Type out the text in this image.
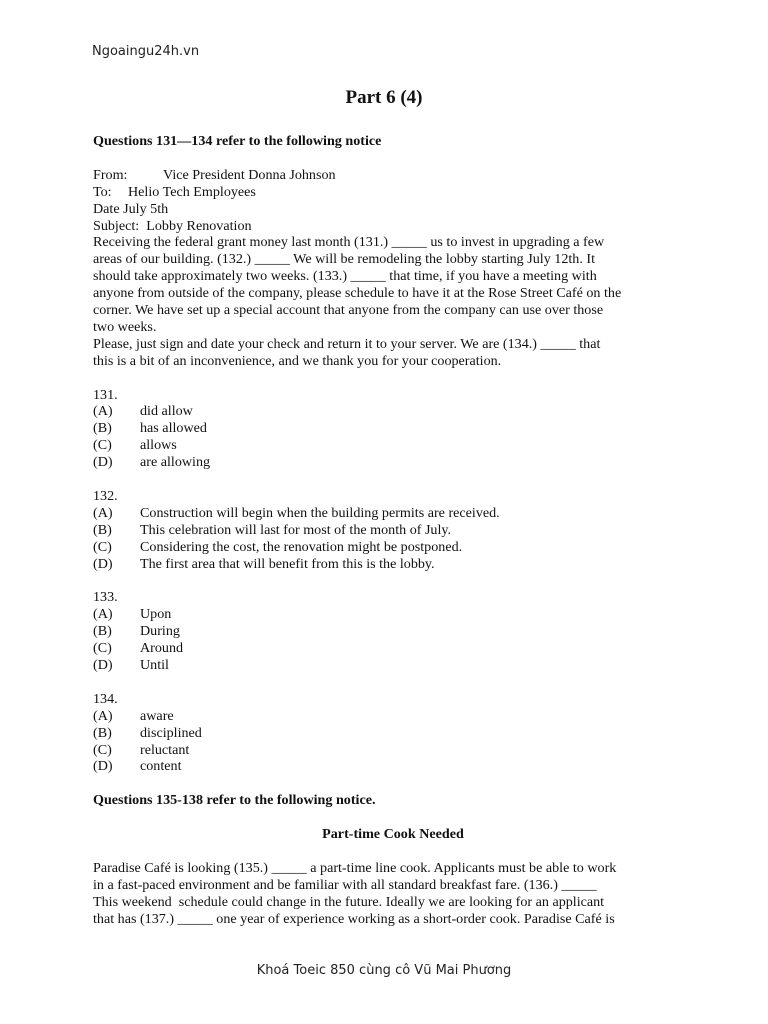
Ngoaingu24h.vn
Part 6 (4)

Questions 131—134 refer to the following notice

From:	Vice President Donna Johnson
To:	Helio Tech Employees

Date July 5th

Subject:  Lobby Renovation

Receiving the federal grant money last month (131.) _____ us to invest in upgrading a few

areas of our building. (132.) _____ We will be remodeling the lobby starting July 12th. It

should take approximately two weeks. (133.) _____ that time, if you have a meeting with

anyone from outside of the company, please schedule to have it at the Rose Street Café on the

corner. We have set up a special account that anyone from the company can use over those

two weeks.

Please, just sign and date your check and return it to your server. We are (134.) _____ that

this is a bit of an inconvenience, and we thank you for your cooperation.

131.

(A)	did allow
(B)	has allowed
(C)	allows
(D)	are allowing

132.

(A)	Construction will begin when the building permits are received.
(B)	This celebration will last for most of the month of July.
(C)	Considering the cost, the renovation might be postponed.
(D)	The first area that will benefit from this is the lobby.

133.

(A)	Upon
(B)	During
(C)	Around
(D)	Until

134.

(A)	aware
(B)	disciplined
(C)	reluctant
(D)	content

Questions 135-138 refer to the following notice.

Part-time Cook Needed

Paradise Café is looking (135.) _____ a part-time line cook. Applicants must be able to work

in a fast-paced environment and be familiar with all standard breakfast fare. (136.) _____

This weekend  schedule could change in the future. Ideally we are looking for an applicant

that has (137.) _____ one year of experience working as a short-order cook. Paradise Café is

Khoá Toeic 850 cùng cô Vũ Mai Phương
